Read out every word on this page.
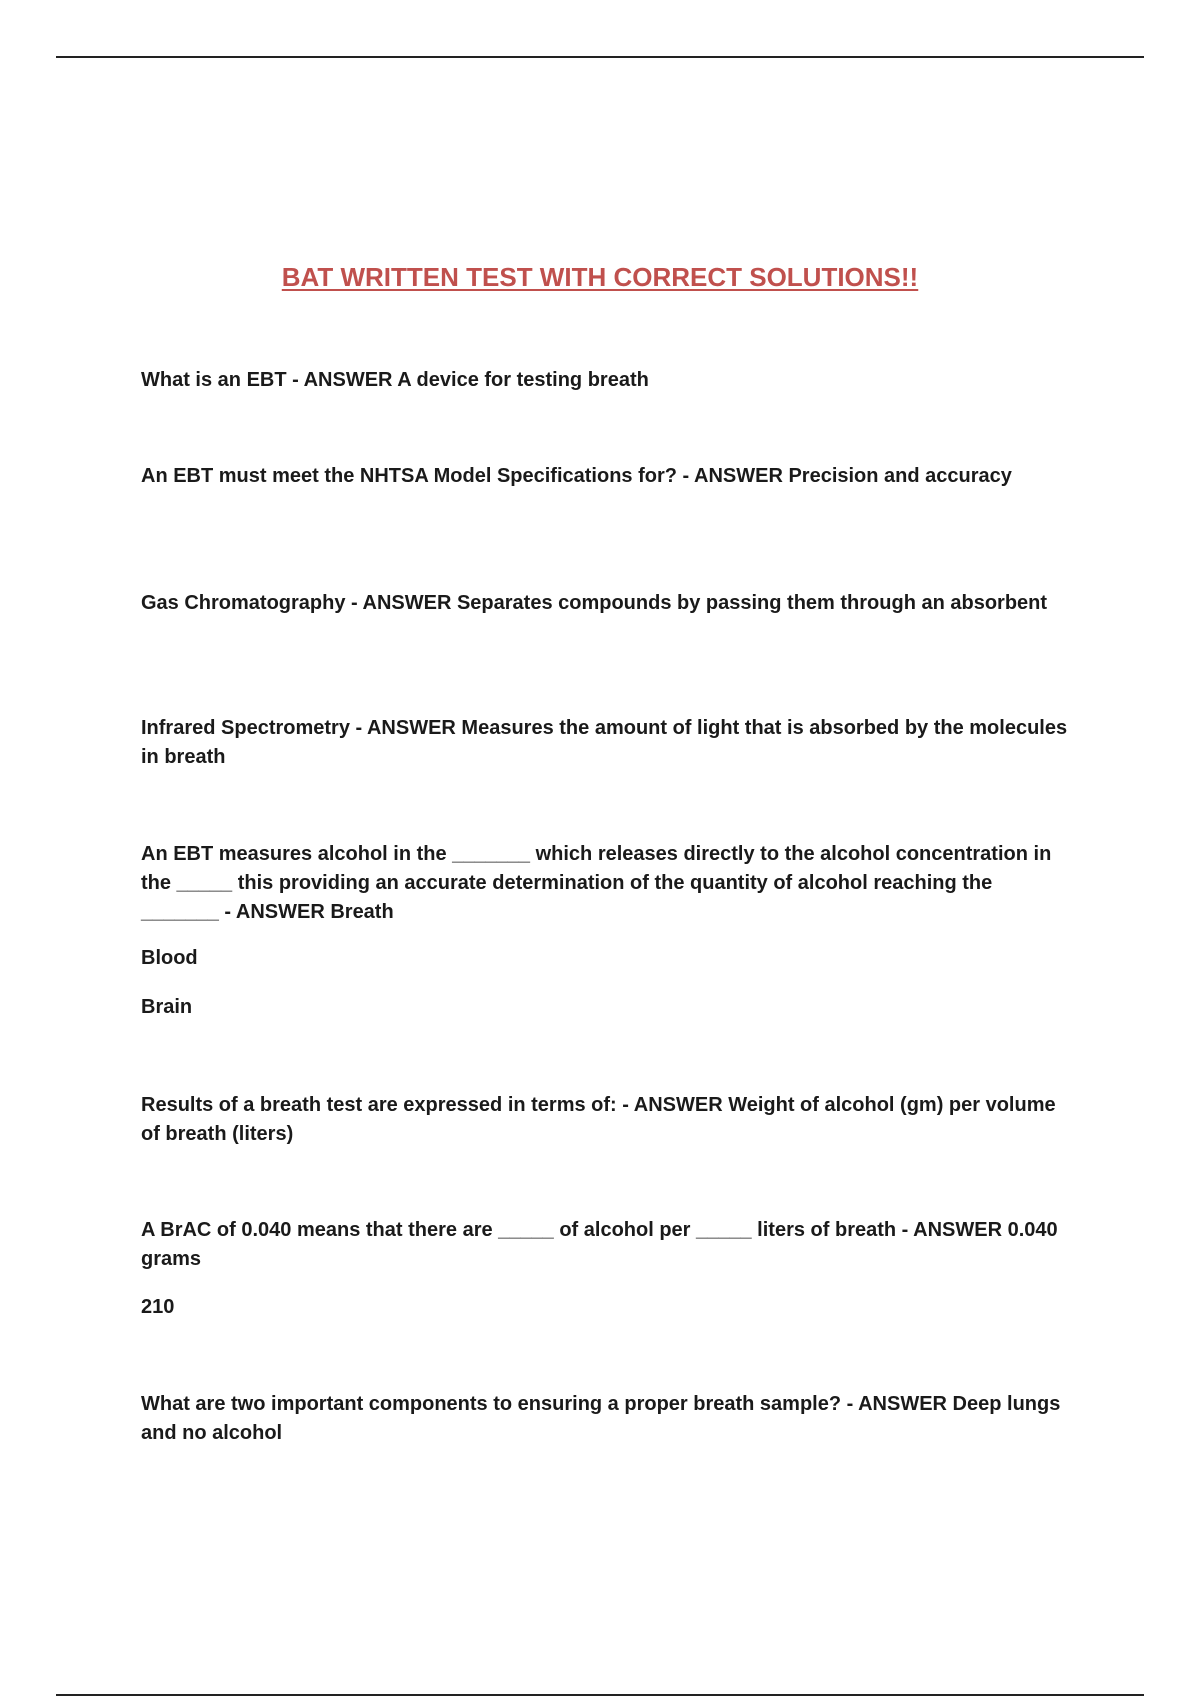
BAT WRITTEN TEST WITH CORRECT SOLUTIONS!!
What is an EBT - ANSWER A device for testing breath
An EBT must meet the NHTSA Model Specifications for? - ANSWER Precision and accuracy
Gas Chromatography - ANSWER Separates compounds by passing them through an absorbent
Infrared Spectrometry - ANSWER Measures the amount of light that is absorbed by the molecules in breath
An EBT measures alcohol in the _______ which releases directly to the alcohol concentration in the _____ this providing an accurate determination of the quantity of alcohol reaching the _______ - ANSWER Breath
Blood
Brain
Results of a breath test are expressed in terms of: - ANSWER Weight of alcohol (gm) per volume of breath (liters)
A BrAC of 0.040 means that there are _____ of alcohol per _____ liters of breath - ANSWER 0.040 grams
210
What are two important components to ensuring a proper breath sample? - ANSWER Deep lungs and no alcohol
